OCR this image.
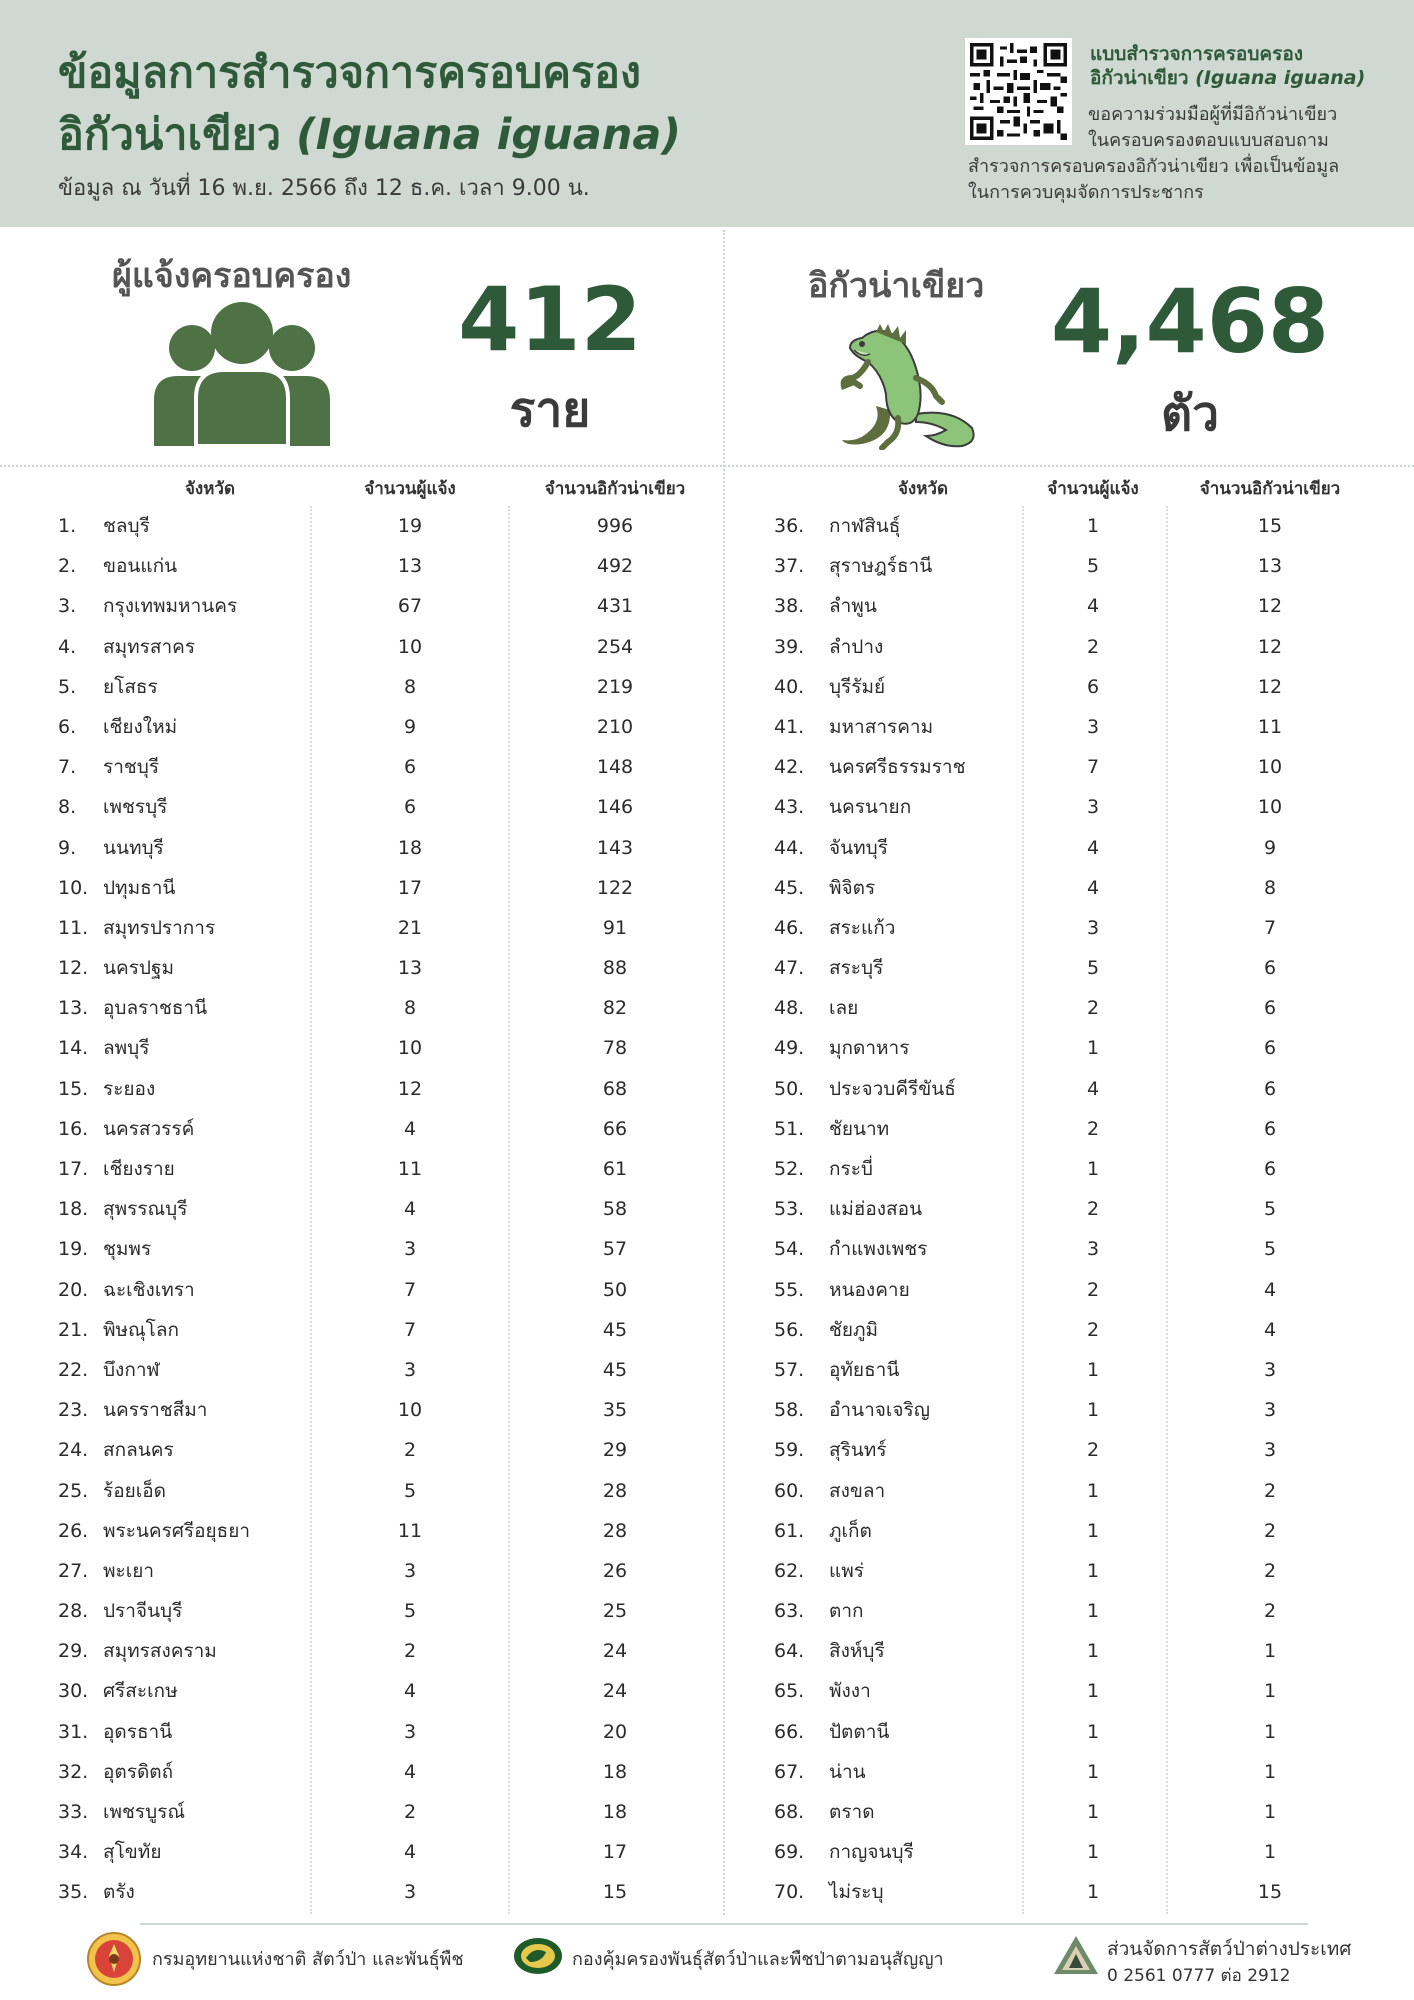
ข้อมูลการสำรวจการครอบครอง
อิกัวน่าเขียว (Iguana iguana)
ข้อมูล ณ วันที่ 16 พ.ย. 2566 ถึง 12 ธ.ค. เวลา 9.00 น.
แบบสำรวจการครอบครอง
อิกัวน่าเขียว (Iguana iguana)
ขอความร่วมมือผู้ที่มีอิกัวน่าเขียว
ในครอบครองตอบแบบสอบถาม
สำรวจการครอบครองอิกัวน่าเขียว เพื่อเป็นข้อมูล
ในการควบคุมจัดการประชากร
ผู้แจ้งครอบครอง	412
ราย
อิกัวน่าเขียว 4,468
ตัว
จังหวัด	จำนวนผู้แจ้ง	จำนวนอิกัวน่าเขียว	จังหวัด	จำนวนผู้แจ้ง	จำนวนอิกัวน่าเขียว
1. ชลบุรี	19	996
2. ขอนแก่น	13	492
3. กรุงเทพมหานคร	67	431
4. สมุทรสาคร	10	254
5. ยโสธร	8	219
6. เชียงใหม่	9	210
7. ราชบุรี	6	148
8. เพชรบุรี	6	146
9. นนทบุรี	18	143
10. ปทุมธานี	17	122
11. สมุทรปราการ	21	91
12. นครปฐม	13	88
13. อุบลราชธานี	8	82
14. ลพบุรี	10	78
15. ระยอง	12	68
16. นครสวรรค์	4	66
17. เชียงราย	11	61
18. สุพรรณบุรี	4	58
19. ชุมพร	3	57
20. ฉะเชิงเทรา	7	50
21. พิษณุโลก	7	45
22. บึงกาฬ	3	45
23. นครราชสีมา	10	35
24. สกลนคร	2	29
25. ร้อยเอ็ด	5	28
26. พระนครศรีอยุธยา	11	28
27. พะเยา	3	26
28. ปราจีนบุรี	5	25
29. สมุทรสงคราม	2	24
30. ศรีสะเกษ	4	24
31. อุดรธานี	3	20
32. อุตรดิตถ์	4	18
33. เพชรบูรณ์	2	18
34. สุโขทัย	4	17
35. ตรัง	3	15
36. กาฬสินธุ์	1	15
37. สุราษฎร์ธานี	5	13
38. ลำพูน	4	12
39. ลำปาง	2	12
40. บุรีรัมย์	6	12
41. มหาสารคาม	3	11
42. นครศรีธรรมราช	7	10
43. นครนายก	3	10
44. จันทบุรี	4	9
45. พิจิตร	4	8
46. สระแก้ว	3	7
47. สระบุรี	5	6
48. เลย	2	6
49. มุกดาหาร	1	6
50. ประจวบคีรีขันธ์	4	6
51. ชัยนาท	2	6
52. กระบี่	1	6
53. แม่ฮ่องสอน	2	5
54. กำแพงเพชร	3	5
55. หนองคาย	2	4
56. ชัยภูมิ	2	4
57. อุทัยธานี	1	3
58. อำนาจเจริญ	1	3
59. สุรินทร์	2	3
60. สงขลา	1	2
61. ภูเก็ต	1	2
62. แพร่	1	2
63. ตาก	1	2
64. สิงห์บุรี	1	1
65. พังงา	1	1
66. ปัตตานี	1	1
67. น่าน	1	1
68. ตราด	1	1
69. กาญจนบุรี	1	1
70. ไม่ระบุ	1	15
กรมอุทยานแห่งชาติ สัตว์ป่า และพันธุ์พืช	กองคุ้มครองพันธุ์สัตว์ป่าและพืชป่าตามอนุสัญญา	ส่วนจัดการสัตว์ป่าต่างประเทศ
0 2561 0777 ต่อ 2912
